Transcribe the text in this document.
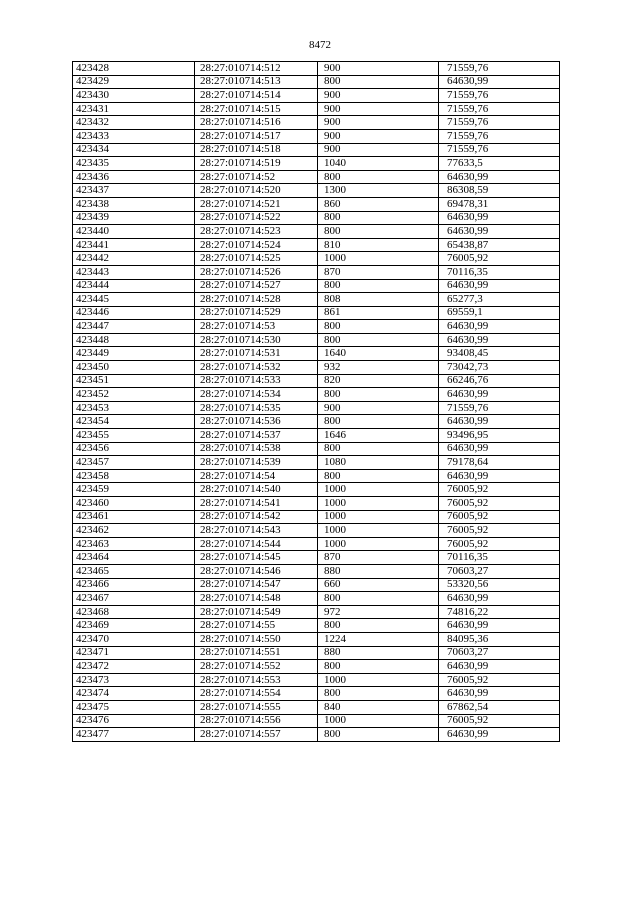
8472
423428	28:27:010714:512	900	71559,76
423429	28:27:010714:513	800	64630,99
423430	28:27:010714:514	900	71559,76
423431	28:27:010714:515	900	71559,76
423432	28:27:010714:516	900	71559,76
423433	28:27:010714:517	900	71559,76
423434	28:27:010714:518	900	71559,76
423435	28:27:010714:519	1040	77633,5
423436	28:27:010714:52	800	64630,99
423437	28:27:010714:520	1300	86308,59
423438	28:27:010714:521	860	69478,31
423439	28:27:010714:522	800	64630,99
423440	28:27:010714:523	800	64630,99
423441	28:27:010714:524	810	65438,87
423442	28:27:010714:525	1000	76005,92
423443	28:27:010714:526	870	70116,35
423444	28:27:010714:527	800	64630,99
423445	28:27:010714:528	808	65277,3
423446	28:27:010714:529	861	69559,1
423447	28:27:010714:53	800	64630,99
423448	28:27:010714:530	800	64630,99
423449	28:27:010714:531	1640	93408,45
423450	28:27:010714:532	932	73042,73
423451	28:27:010714:533	820	66246,76
423452	28:27:010714:534	800	64630,99
423453	28:27:010714:535	900	71559,76
423454	28:27:010714:536	800	64630,99
423455	28:27:010714:537	1646	93496,95
423456	28:27:010714:538	800	64630,99
423457	28:27:010714:539	1080	79178,64
423458	28:27:010714:54	800	64630,99
423459	28:27:010714:540	1000	76005,92
423460	28:27:010714:541	1000	76005,92
423461	28:27:010714:542	1000	76005,92
423462	28:27:010714:543	1000	76005,92
423463	28:27:010714:544	1000	76005,92
423464	28:27:010714:545	870	70116,35
423465	28:27:010714:546	880	70603,27
423466	28:27:010714:547	660	53320,56
423467	28:27:010714:548	800	64630,99
423468	28:27:010714:549	972	74816,22
423469	28:27:010714:55	800	64630,99
423470	28:27:010714:550	1224	84095,36
423471	28:27:010714:551	880	70603,27
423472	28:27:010714:552	800	64630,99
423473	28:27:010714:553	1000	76005,92
423474	28:27:010714:554	800	64630,99
423475	28:27:010714:555	840	67862,54
423476	28:27:010714:556	1000	76005,92
423477	28:27:010714:557	800	64630,99
